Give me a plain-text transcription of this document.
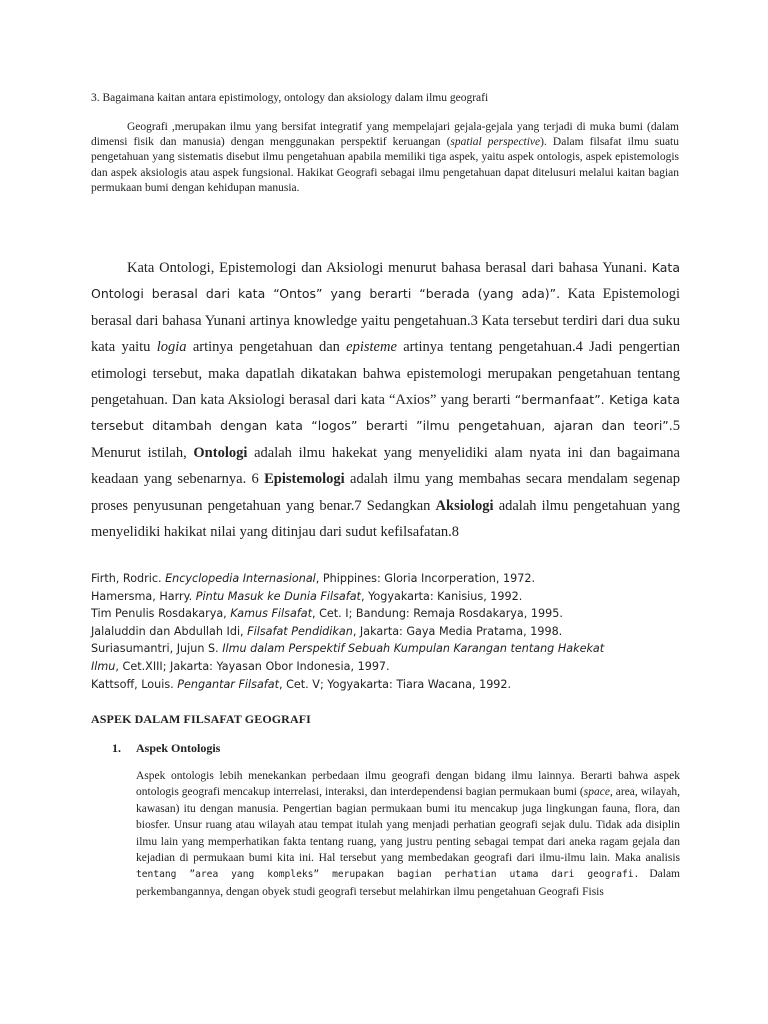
3. Bagaimana kaitan antara epistimology, ontology dan aksiology dalam ilmu geografi

Geografi ,merupakan ilmu yang bersifat integratif yang mempelajari gejala-gejala yang terjadi di muka bumi (dalam dimensi fisik dan manusia) dengan menggunakan perspektif keruangan (spatial perspective). Dalam filsafat ilmu suatu pengetahuan yang sistematis disebut ilmu pengetahuan apabila memiliki tiga aspek, yaitu aspek ontologis, aspek epistemologis dan aspek aksiologis atau aspek fungsional. Hakikat Geografi sebagai ilmu pengetahuan dapat ditelusuri melalui kaitan bagian permukaan bumi dengan kehidupan manusia.

Kata Ontologi, Epistemologi dan Aksiologi menurut bahasa berasal dari bahasa Yunani. Kata Ontologi berasal dari kata “Ontos” yang berarti “berada (yang ada)”. Kata Epistemologi berasal dari bahasa Yunani artinya knowledge yaitu pengetahuan.3 Kata tersebut terdiri dari dua suku kata yaitu logia artinya pengetahuan dan episteme artinya tentang pengetahuan.4 Jadi pengertian etimologi tersebut, maka dapatlah dikatakan bahwa epistemologi merupakan pengetahuan tentang pengetahuan. Dan kata Aksiologi berasal dari kata “Axios” yang berarti “bermanfaat”. Ketiga kata tersebut ditambah dengan kata “logos” berarti ”ilmu pengetahuan, ajaran dan teori”.5 Menurut istilah, Ontologi adalah ilmu hakekat yang menyelidiki alam nyata ini dan bagaimana keadaan yang sebenarnya. 6 Epistemologi adalah ilmu yang membahas secara mendalam segenap proses penyusunan pengetahuan yang benar.7 Sedangkan Aksiologi adalah ilmu pengetahuan yang menyelidiki hakikat nilai yang ditinjau dari sudut kefilsafatan.8

Firth, Rodric. Encyclopedia Internasional, Phippines: Gloria Incorperation, 1972.
Hamersma, Harry. Pintu Masuk ke Dunia Filsafat, Yogyakarta: Kanisius, 1992.
Tim Penulis Rosdakarya, Kamus Filsafat, Cet. I; Bandung: Remaja Rosdakarya, 1995.
Jalaluddin dan Abdullah Idi, Filsafat Pendidikan, Jakarta: Gaya Media Pratama, 1998.
Suriasumantri, Jujun S. Ilmu dalam Perspektif Sebuah Kumpulan Karangan tentang Hakekat
Ilmu, Cet.XIII; Jakarta: Yayasan Obor Indonesia, 1997.
Kattsoff, Louis. Pengantar Filsafat, Cet. V; Yogyakarta: Tiara Wacana, 1992.
ASPEK DALAM FILSAFAT GEOGRAFI
1. Aspek Ontologis

Aspek ontologis lebih menekankan perbedaan ilmu geografi dengan bidang ilmu lainnya. Berarti bahwa aspek ontologis geografi mencakup interrelasi, interaksi, dan interdependensi bagian permukaan bumi (space, area, wilayah, kawasan) itu dengan manusia. Pengertian bagian permukaan bumi itu mencakup juga lingkungan fauna, flora, dan biosfer. Unsur ruang atau wilayah atau tempat itulah yang menjadi perhatian geografi sejak dulu. Tidak ada disiplin ilmu lain yang memperhatikan fakta tentang ruang, yang justru penting sebagai tempat dari aneka ragam gejala dan kejadian di permukaan bumi kita ini. Hal tersebut yang membedakan geografi dari ilmu-ilmu lain. Maka analisis tentang ”area yang kompleks” merupakan bagian perhatian utama dari geografi. Dalam perkembangannya, dengan obyek studi geografi tersebut melahirkan ilmu pengetahuan Geografi Fisis
